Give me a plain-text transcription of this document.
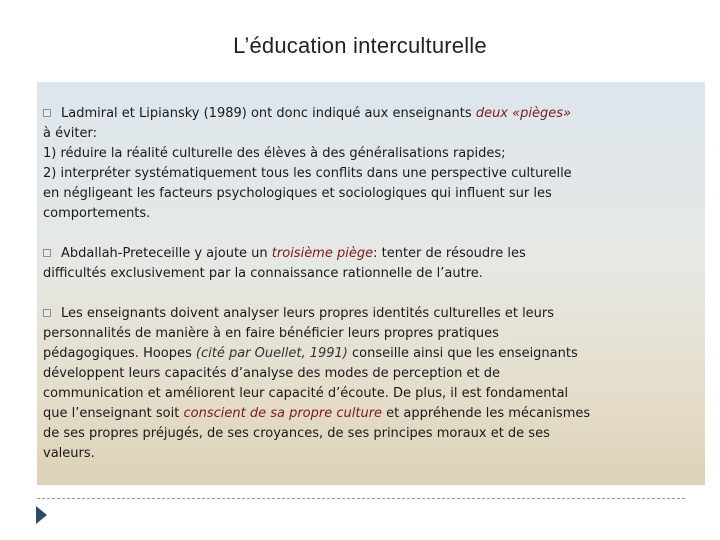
L’éducation interculturelle
Ladmiral et Lipiansky (1989) ont donc indiqué aux enseignants deux «pièges»
à éviter:
1) réduire la réalité culturelle des élèves à des généralisations rapides;
2) interpréter systématiquement tous les conflits dans une perspective culturelle
en négligeant les facteurs psychologiques et sociologiques qui influent sur les
comportements.
Abdallah-Preteceille y ajoute un troisième piège: tenter de résoudre les
difficultés exclusivement par la connaissance rationnelle de l’autre.
Les enseignants doivent analyser leurs propres identités culturelles et leurs
personnalités de manière à en faire bénéficier leurs propres pratiques
pédagogiques. Hoopes (cité par Ouellet, 1991) conseille ainsi que les enseignants
développent leurs capacités d’analyse des modes de perception et de
communication et améliorent leur capacité d’écoute. De plus, il est fondamental
que l’enseignant soit conscient de sa propre culture et appréhende les mécanismes
de ses propres préjugés, de ses croyances, de ses principes moraux et de ses
valeurs.
